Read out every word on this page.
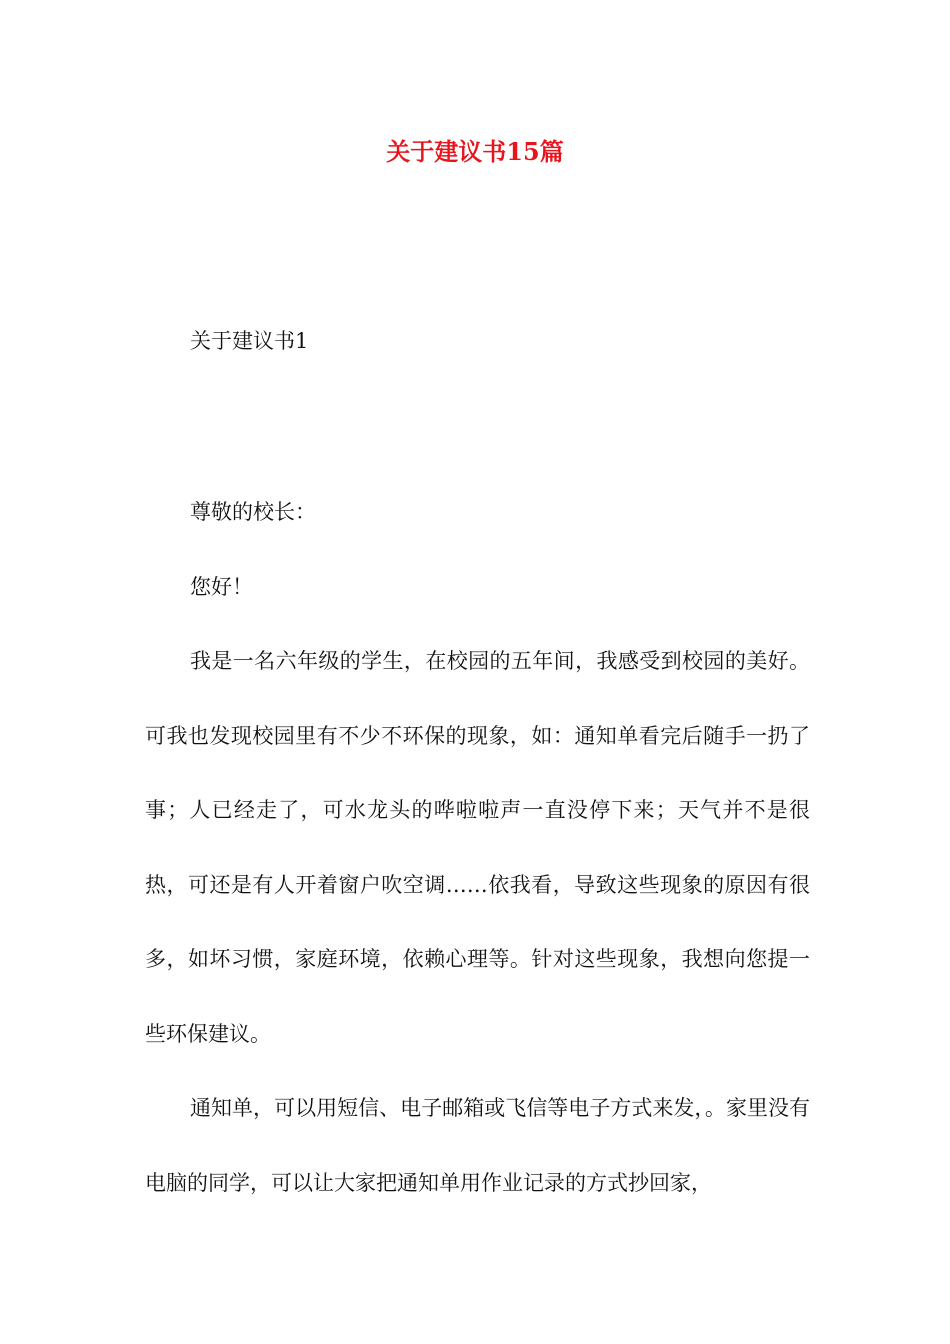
关于建议书15篇
关于建议书1

尊敬的校长：

您好！

我是一名六年级的学生，在校园的五年间，我感受到校园的美好。可我也发现校园里有不少不环保的现象，如：通知单看完后随手一扔了事；人已经走了，可水龙头的哗啦啦声一直没停下来；天气并不是很热，可还是有人开着窗户吹空调……依我看，导致这些现象的原因有很多，如坏习惯，家庭环境，依赖心理等。针对这些现象，我想向您提一些环保建议。

通知单，可以用短信、电子邮箱或飞信等电子方式来发，。家里没有电脑的同学，可以让大家把通知单用作业记录的方式抄回家，
